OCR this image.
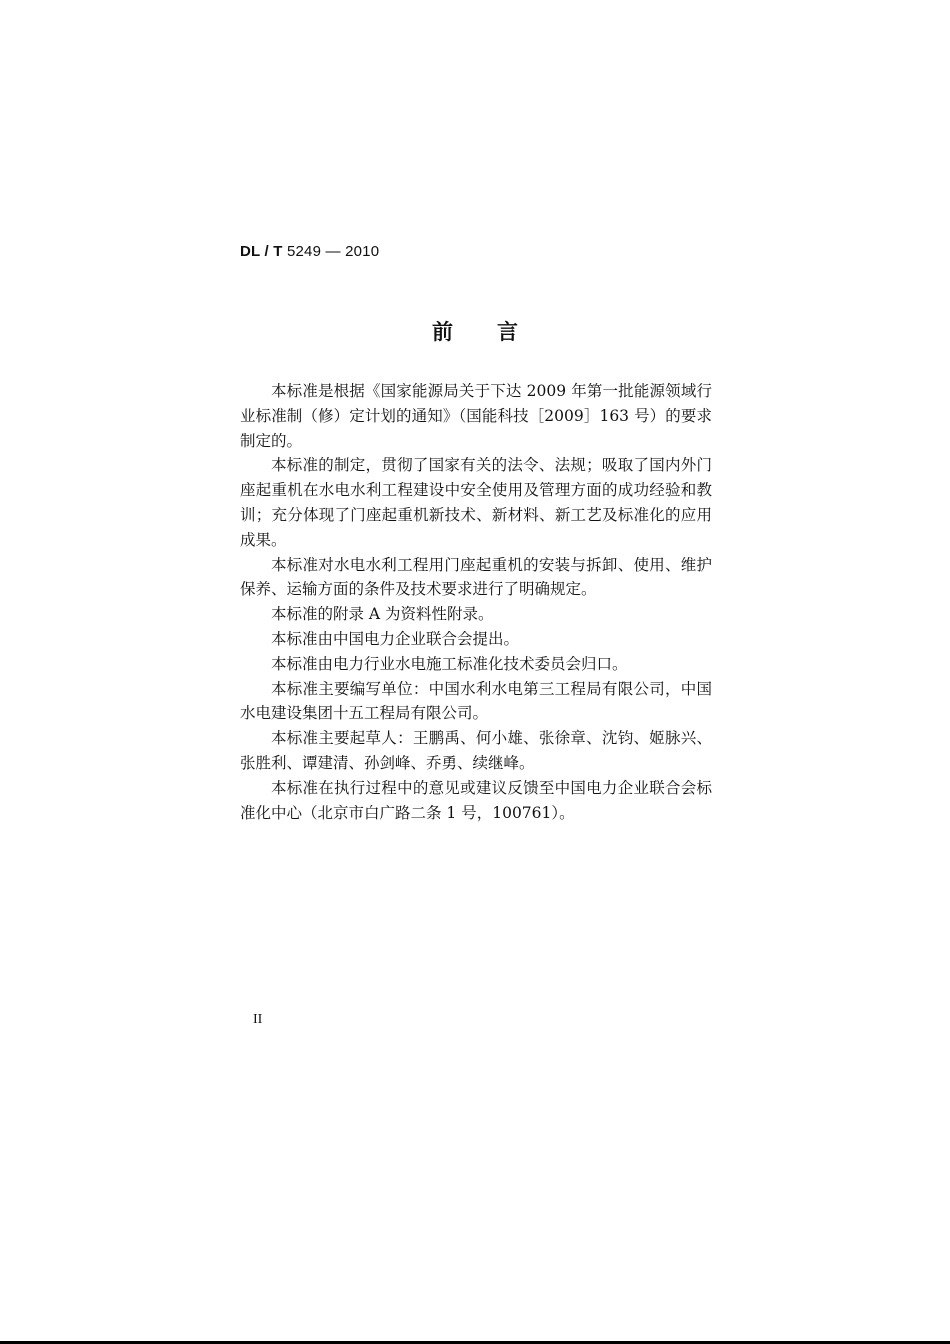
DL / T 5249 — 2010
前言

本标准是根据《国家能源局关于下达 2009 年第一批能源领域行业标准制（修）定计划的通知》（国能科技［2009］163 号）的要求制定的。

本标准的制定，贯彻了国家有关的法令、法规；吸取了国内外门座起重机在水电水利工程建设中安全使用及管理方面的成功经验和教训；充分体现了门座起重机新技术、新材料、新工艺及标准化的应用成果。

本标准对水电水利工程用门座起重机的安装与拆卸、使用、维护保养、运输方面的条件及技术要求进行了明确规定。

本标准的附录 A 为资料性附录。

本标准由中国电力企业联合会提出。

本标准由电力行业水电施工标准化技术委员会归口。

本标准主要编写单位：中国水利水电第三工程局有限公司，中国水电建设集团十五工程局有限公司。

本标准主要起草人：王鹏禹、何小雄、张徐章、沈钧、姬脉兴、张胜利、谭建清、孙剑峰、乔勇、续继峰。

本标准在执行过程中的意见或建议反馈至中国电力企业联合会标准化中心（北京市白广路二条 1 号，100761）。

II
